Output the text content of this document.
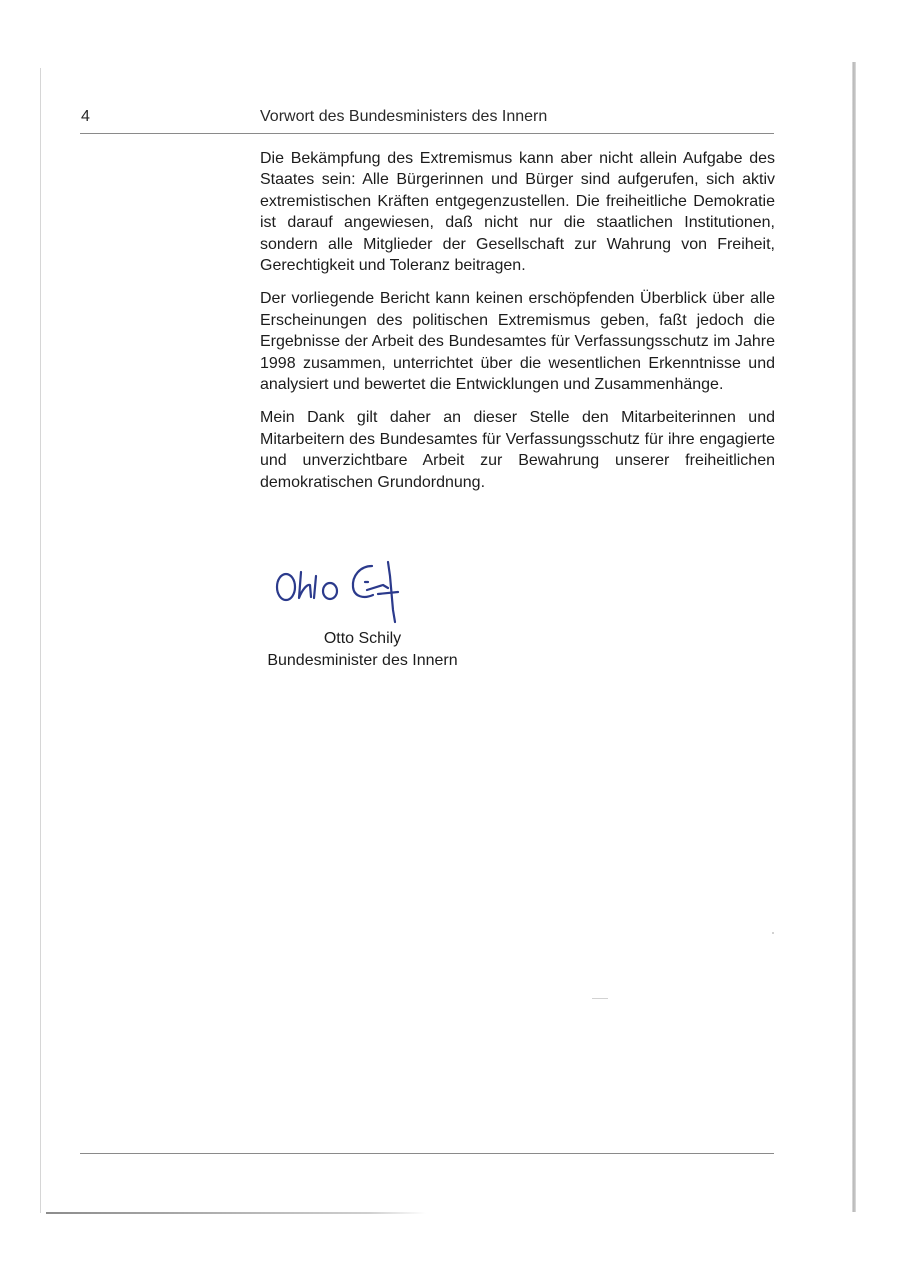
4	Vorwort des Bundesministers des Innern

Die Bekämpfung des Extremismus kann aber nicht allein Aufgabe des Staates sein: Alle Bürgerinnen und Bürger sind aufgerufen, sich aktiv extremistischen Kräften entgegenzustellen. Die freiheitliche Demokratie ist darauf angewiesen, daß nicht nur die staatlichen Institutionen, sondern alle Mitglieder der Gesellschaft zur Wahrung von Freiheit, Gerechtigkeit und Toleranz beitragen.

Der vorliegende Bericht kann keinen erschöpfenden Überblick über alle Erscheinungen des politischen Extremismus geben, faßt jedoch die Ergebnisse der Arbeit des Bundesamtes für Verfassungsschutz im Jahre 1998 zusammen, unterrichtet über die wesentlichen Erkenntnisse und analysiert und bewertet die Entwicklungen und Zusammenhänge.

Mein Dank gilt daher an dieser Stelle den Mitarbeiterinnen und Mitarbeitern des Bundesamtes für Verfassungsschutz für ihre engagierte und unverzichtbare Arbeit zur Bewahrung unserer freiheitlichen demokratischen Grundordnung.

Otto Schily
Bundesminister des Innern
